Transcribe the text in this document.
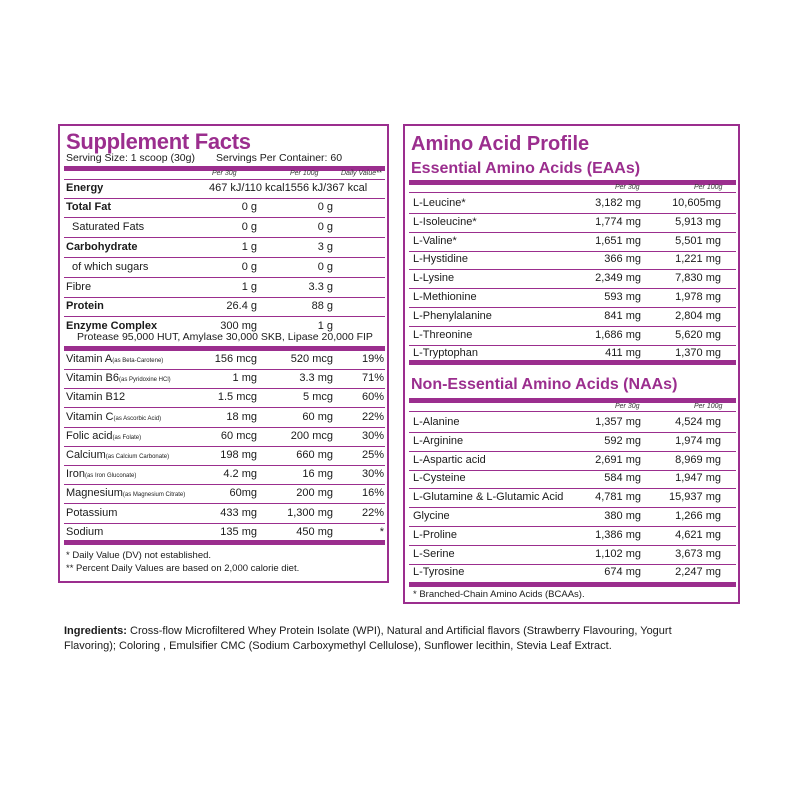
Supplement Facts
Serving Size: 1 scoop (30g)	Servings Per Container: 60
Per 30g	Per 100g	Daily Value**
Protease 95,000 HUT, Amylase 30,000 SKB, Lipase 20,000 FIP
* Daily Value (DV) not established.
** Percent Daily Values are based on 2,000 calorie diet.
Energy	467 kJ/110 kcal 1556 kJ/367 kcal
Total Fat	0 g	0 g
Saturated Fats	0 g	0 g
Carbohydrate	1 g	3 g
of which sugars	0 g	0 g
Fibre	1 g	3.3 g
Protein	26.4 g	88 g
Enzyme Complex	300 mg	1 g
Vitamin A(as Beta-Carotene)	156 mcg	520 mcg	19%
Vitamin B6(as Pyridoxine HCl)	1 mg	3.3 mg	71%
Vitamin B12	1.5 mcg	5 mcg	60%
Vitamin C(as Ascorbic Acid)	18 mg	60 mg	22%
Folic acid(as Folate)	60 mcg	200 mcg	30%
Calcium(as Calcium Carbonate)	198 mg	660 mg	25%
Iron(as Iron Gluconate)	4.2 mg	16 mg	30%
Magnesium(as Magnesium Citrate)	60mg	200 mg	16%
Potassium	433 mg	1,300 mg	22%
Sodium	135 mg	450 mg	*
Amino Acid Profile
Essential Amino Acids (EAAs)
Per 30g	Per 100g
Non-Essential Amino Acids (NAAs)
Per 30g	Per 100g
* Branched-Chain Amino Acids (BCAAs).
L-Leucine*	3,182 mg	10,605mg
L-Isoleucine*	1,774 mg	5,913 mg
L-Valine*	1,651 mg	5,501 mg
L-Hystidine	366 mg	1,221 mg
L-Lysine	2,349 mg	7,830 mg
L-Methionine	593 mg	1,978 mg
L-Phenylalanine	841 mg	2,804 mg
L-Threonine	1,686 mg	5,620 mg
L-Tryptophan	411 mg	1,370 mg
L-Alanine	1,357 mg	4,524 mg
L-Arginine	592 mg	1,974 mg
L-Aspartic acid	2,691 mg	8,969 mg
L-Cysteine	584 mg	1,947 mg
L-Glutamine & L-Glutamic Acid	4,781 mg	15,937 mg
Glycine	380 mg	1,266 mg
L-Proline	1,386 mg	4,621 mg
L-Serine	1,102 mg	3,673 mg
L-Tyrosine	674 mg	2,247 mg
Ingredients: Cross-flow Microfiltered Whey Protein Isolate (WPI), Natural and Artificial flavors (Strawberry Flavouring, Yogurt Flavoring); Coloring , Emulsifier CMC (Sodium Carboxymethyl Cellulose), Sunflower lecithin, Stevia Leaf Extract.
